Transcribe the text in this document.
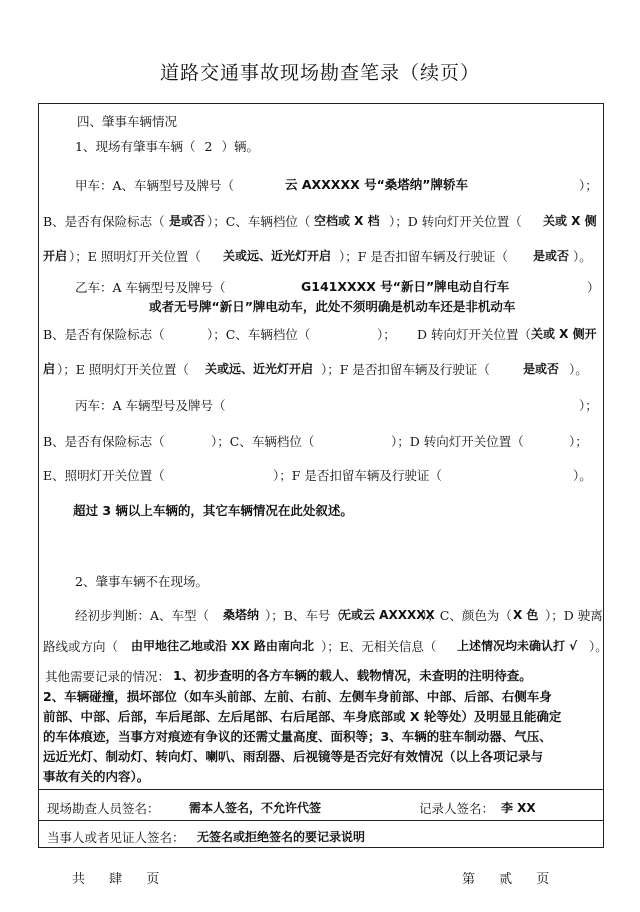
道路交通事故现场勘查笔录（续页）
四、肇事车辆情况
1、现场有肇事车辆（ 2 ）辆。
甲车：A、车辆型号及牌号（	云 AXXXXX 号“桑塔纳”牌轿车	）；
B、是否有保险标志（ 是或否 ）；C、车辆档位（ 空档或 X 档 ）；D 转向灯开关位置（ 关或 X 侧
开启 ）；E 照明灯开关位置（ 关或远、近光灯开启 ）；F 是否扣留车辆及行驶证（ 是或否 ）。
乙车：A 车辆型号及牌号（	G141XXXX 号“新日”牌电动自行车	）
或者无号牌“新日”牌电动车，此处不须明确是机动车还是非机动车
B、是否有保险标志（	）；C、车辆档位（	）； D 转向灯开关位置（ 关或 X 侧开
启 ）；E 照明灯开关位置（ 关或远、近光灯开启 ）；F 是否扣留车辆及行驶证（	是或否 ）。
丙车：A 车辆型号及牌号（	）；
B、是否有保险标志（	）；C、车辆档位（	）；D 转向灯开关位置（	）；
E、照明灯开关位置（	）；F 是否扣留车辆及行驶证（	）。
超过 3 辆以上车辆的，其它车辆情况在此处叙述。
2、肇事车辆不在现场。
经初步判断：A、车型（ 桑塔纳 ）；B、车号（
无或云 AXXXXX
）；C、颜色为（ X 色 ）；D 驶离
路线或方向（ 由甲地往乙地或沿 XX 路由南向北 ）；E、无相关信息（ 上述情况均未确认打 √ ）。
其他需要记录的情况： 1、初步查明的各方车辆的载人、载物情况，未查明的注明待查。
2、车辆碰撞，损坏部位（如车头前部、左前、右前、左侧车身前部、中部、后部、右侧车身
前部、中部、后部，车后尾部、左后尾部、右后尾部、车身底部或 X 轮等处）及明显且能确定
的车体痕迹，当事方对痕迹有争议的还需丈量高度、面积等；3、车辆的驻车制动器、气压、
远近光灯、制动灯、转向灯、喇叭、雨刮器、后视镜等是否完好有效情况（以上各项记录与
事故有关的内容）。
现场勘查人员签名： 需本人签名，不允许代签	记录人签名： 李 XX
当事人或者见证人签名： 无签名或拒绝签名的要记录说明
共 肆 页	第 贰 页
